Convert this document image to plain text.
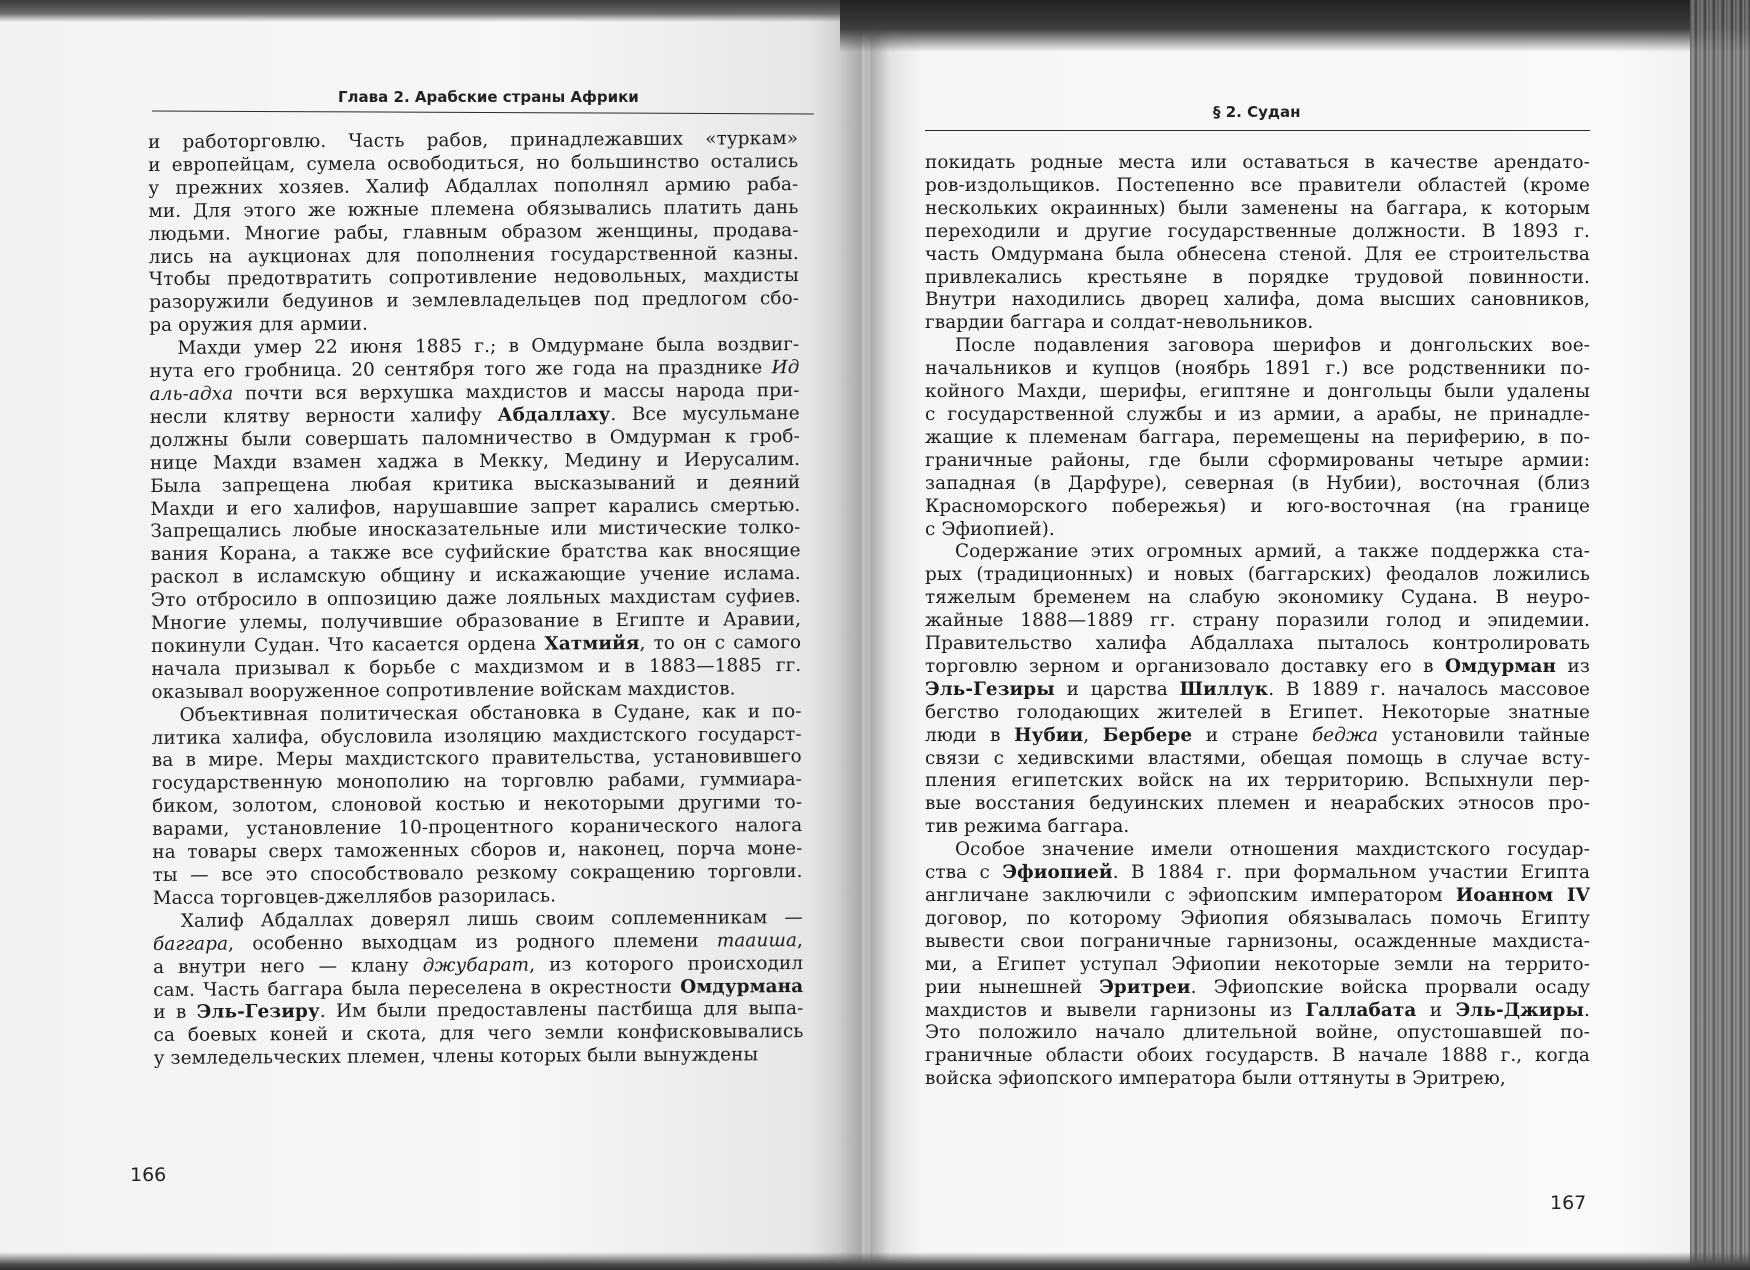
Глава 2. Арабские страны Африки
§ 2. Судан
и работорговлю. Часть рабов, принадлежавших «туркам»
и европейцам, сумела освободиться, но большинство остались
у прежних хозяев. Халиф Абдаллах пополнял армию раба-
ми. Для этого же южные племена обязывались платить дань
людьми. Многие рабы, главным образом женщины, продава-
лись на аукционах для пополнения государственной казны.
Чтобы предотвратить сопротивление недовольных, махдисты
разоружили бедуинов и землевладельцев под предлогом сбо-
ра оружия для армии.
Махди умер 22 июня 1885 г.; в Омдурмане была воздвиг-
нута его гробница. 20 сентября того же года на празднике Ид
аль-адха почти вся верхушка махдистов и массы народа при-
несли клятву верности халифу Абдаллаху. Все мусульмане
должны были совершать паломничество в Омдурман к гроб-
нице Махди взамен хаджа в Мекку, Медину и Иерусалим.
Была запрещена любая критика высказываний и деяний
Махди и его халифов, нарушавшие запрет карались смертью.
Запрещались любые иносказательные или мистические толко-
вания Корана, а также все суфийские братства как вносящие
раскол в исламскую общину и искажающие учение ислама.
Это отбросило в оппозицию даже лояльных махдистам суфиев.
Многие улемы, получившие образование в Египте и Аравии,
покинули Судан. Что касается ордена Хатмийя, то он с самого
начала призывал к борьбе с махдизмом и в 1883—1885 гг.
оказывал вооруженное сопротивление войскам махдистов.
Объективная политическая обстановка в Судане, как и по-
литика халифа, обусловила изоляцию махдистского государст-
ва в мире. Меры махдистского правительства, установившего
государственную монополию на торговлю рабами, гуммиара-
биком, золотом, слоновой костью и некоторыми другими то-
варами, установление 10-процентного коранического налога
на товары сверх таможенных сборов и, наконец, порча моне-
ты — все это способствовало резкому сокращению торговли.
Масса торговцев-джеллябов разорилась.
Халиф Абдаллах доверял лишь своим соплеменникам —
баггара, особенно выходцам из родного племени тааиша,
а внутри него — клану джубарат, из которого происходил
сам. Часть баггара была переселена в окрестности Омдурмана
и в Эль-Гезиру. Им были предоставлены пастбища для выпа-
са боевых коней и скота, для чего земли конфисковывались
у земледельческих племен, члены которых были вынуждены
покидать родные места или оставаться в качестве арендато-
ров-издольщиков. Постепенно все правители областей (кроме
нескольких окраинных) были заменены на баггара, к которым
переходили и другие государственные должности. В 1893 г.
часть Омдурмана была обнесена стеной. Для ее строительства
привлекались крестьяне в порядке трудовой повинности.
Внутри находились дворец халифа, дома высших сановников,
гвардии баггара и солдат-невольников.
После подавления заговора шерифов и донгольских вое-
начальников и купцов (ноябрь 1891 г.) все родственники по-
койного Махди, шерифы, египтяне и донгольцы были удалены
с государственной службы и из армии, а арабы, не принадле-
жащие к племенам баггара, перемещены на периферию, в по-
граничные районы, где были сформированы четыре армии:
западная (в Дарфуре), северная (в Нубии), восточная (близ
Красноморского побережья) и юго-восточная (на границе
с Эфиопией).
Содержание этих огромных армий, а также поддержка ста-
рых (традиционных) и новых (баггарских) феодалов ложились
тяжелым бременем на слабую экономику Судана. В неуро-
жайные 1888—1889 гг. страну поразили голод и эпидемии.
Правительство халифа Абдаллаха пыталось контролировать
торговлю зерном и организовало доставку его в Омдурман из
Эль-Гезиры и царства Шиллук. В 1889 г. началось массовое
бегство голодающих жителей в Египет. Некоторые знатные
люди в Нубии, Бербере и стране беджа установили тайные
связи с хедивскими властями, обещая помощь в случае всту-
пления египетских войск на их территорию. Вспыхнули пер-
вые восстания бедуинских племен и неарабских этносов про-
тив режима баггара.
Особое значение имели отношения махдистского государ-
ства с Эфиопией. В 1884 г. при формальном участии Египта
англичане заключили с эфиопским императором Иоанном IV
договор, по которому Эфиопия обязывалась помочь Египту
вывести свои пограничные гарнизоны, осажденные махдиста-
ми, а Египет уступал Эфиопии некоторые земли на террито-
рии нынешней Эритреи. Эфиопские войска прорвали осаду
махдистов и вывели гарнизоны из Галлабата и Эль-Джиры.
Это положило начало длительной войне, опустошавшей по-
граничные области обоих государств. В начале 1888 г., когда
войска эфиопского императора были оттянуты в Эритрею,
166
167
